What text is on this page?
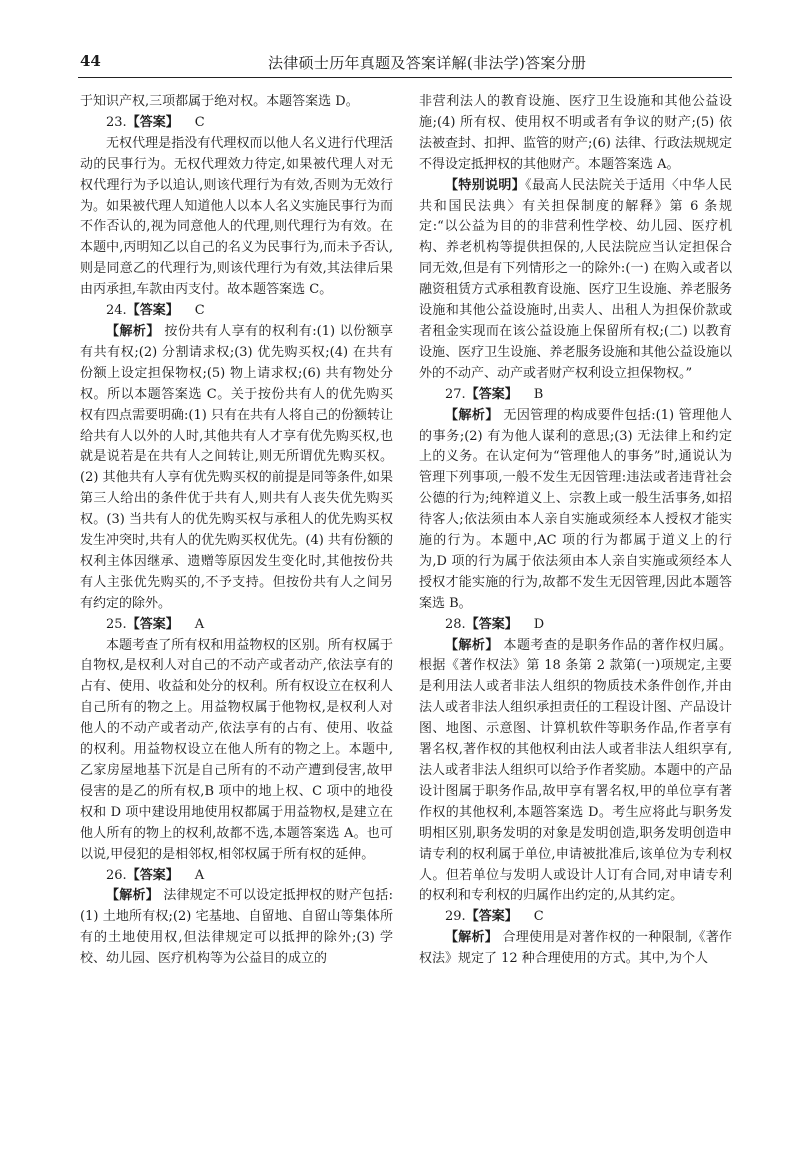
44	法律硕士历年真题及答案详解(非法学)答案分册

于知识产权,三项都属于绝对权。本题答案选 D。

23.【答案】 C

无权代理是指没有代理权而以他人名义进行代理活动的民事行为。无权代理效力待定,如果被代理人对无权代理行为予以追认,则该代理行为有效,否则为无效行为。如果被代理人知道他人以本人名义实施民事行为而不作否认的,视为同意他人的代理,则代理行为有效。在本题中,丙明知乙以自己的名义为民事行为,而未予否认,则是同意乙的代理行为,则该代理行为有效,其法律后果由丙承担,车款由丙支付。故本题答案选 C。

24.【答案】 C

【解析】 按份共有人享有的权利有:(1) 以份额享有共有权;(2) 分割请求权;(3) 优先购买权;(4) 在共有份额上设定担保物权;(5) 物上请求权;(6) 共有物处分权。所以本题答案选 C。关于按份共有人的优先购买权有四点需要明确:(1) 只有在共有人将自己的份额转让给共有人以外的人时,其他共有人才享有优先购买权,也就是说若是在共有人之间转让,则无所谓优先购买权。(2) 其他共有人享有优先购买权的前提是同等条件,如果第三人给出的条件优于共有人,则共有人丧失优先购买权。(3) 当共有人的优先购买权与承租人的优先购买权发生冲突时,共有人的优先购买权优先。(4) 共有份额的权利主体因继承、遗赠等原因发生变化时,其他按份共有人主张优先购买的,不予支持。但按份共有人之间另有约定的除外。

25.【答案】 A

本题考查了所有权和用益物权的区别。所有权属于自物权,是权利人对自己的不动产或者动产,依法享有的占有、使用、收益和处分的权利。所有权设立在权利人自己所有的物之上。用益物权属于他物权,是权利人对他人的不动产或者动产,依法享有的占有、使用、收益的权利。用益物权设立在他人所有的物之上。本题中,乙家房屋地基下沉是自己所有的不动产遭到侵害,故甲侵害的是乙的所有权,B 项中的地上权、C 项中的地役权和 D 项中建设用地使用权都属于用益物权,是建立在他人所有的物上的权利,故都不选,本题答案选 A。也可以说,甲侵犯的是相邻权,相邻权属于所有权的延伸。

26.【答案】 A

【解析】 法律规定不可以设定抵押权的财产包括:(1) 土地所有权;(2) 宅基地、自留地、自留山等集体所有的土地使用权,但法律规定可以抵押的除外;(3) 学校、幼儿园、医疗机构等为公益目的成立的

非营利法人的教育设施、医疗卫生设施和其他公益设施;(4) 所有权、使用权不明或者有争议的财产;(5) 依法被查封、扣押、监管的财产;(6) 法律、行政法规规定不得设定抵押权的其他财产。本题答案选 A。

【特别说明】《最高人民法院关于适用〈中华人民共和国民法典〉有关担保制度的解释》第 6 条规定:“以公益为目的的非营利性学校、幼儿园、医疗机构、养老机构等提供担保的,人民法院应当认定担保合同无效,但是有下列情形之一的除外:(一) 在购入或者以融资租赁方式承租教育设施、医疗卫生设施、养老服务设施和其他公益设施时,出卖人、出租人为担保价款或者租金实现而在该公益设施上保留所有权;(二) 以教育设施、医疗卫生设施、养老服务设施和其他公益设施以外的不动产、动产或者财产权利设立担保物权。”

27.【答案】 B

【解析】 无因管理的构成要件包括:(1) 管理他人的事务;(2) 有为他人谋利的意思;(3) 无法律上和约定上的义务。在认定何为“管理他人的事务”时,通说认为管理下列事项,一般不发生无因管理:违法或者违背社会公德的行为;纯粹道义上、宗教上或一般生活事务,如招待客人;依法须由本人亲自实施或须经本人授权才能实施的行为。本题中,AC 项的行为都属于道义上的行为,D 项的行为属于依法须由本人亲自实施或须经本人授权才能实施的行为,故都不发生无因管理,因此本题答案选 B。

28.【答案】 D

【解析】 本题考查的是职务作品的著作权归属。根据《著作权法》第 18 条第 2 款第(一)项规定,主要是利用法人或者非法人组织的物质技术条件创作,并由法人或者非法人组织承担责任的工程设计图、产品设计图、地图、示意图、计算机软件等职务作品,作者享有署名权,著作权的其他权利由法人或者非法人组织享有,法人或者非法人组织可以给予作者奖励。本题中的产品设计图属于职务作品,故甲享有署名权,甲的单位享有著作权的其他权利,本题答案选 D。考生应将此与职务发明相区别,职务发明的对象是发明创造,职务发明创造申请专利的权利属于单位,申请被批准后,该单位为专利权人。但若单位与发明人或设计人订有合同,对申请专利的权利和专利权的归属作出约定的,从其约定。

29.【答案】 C

【解析】 合理使用是对著作权的一种限制,《著作权法》规定了 12 种合理使用的方式。其中,为个人
